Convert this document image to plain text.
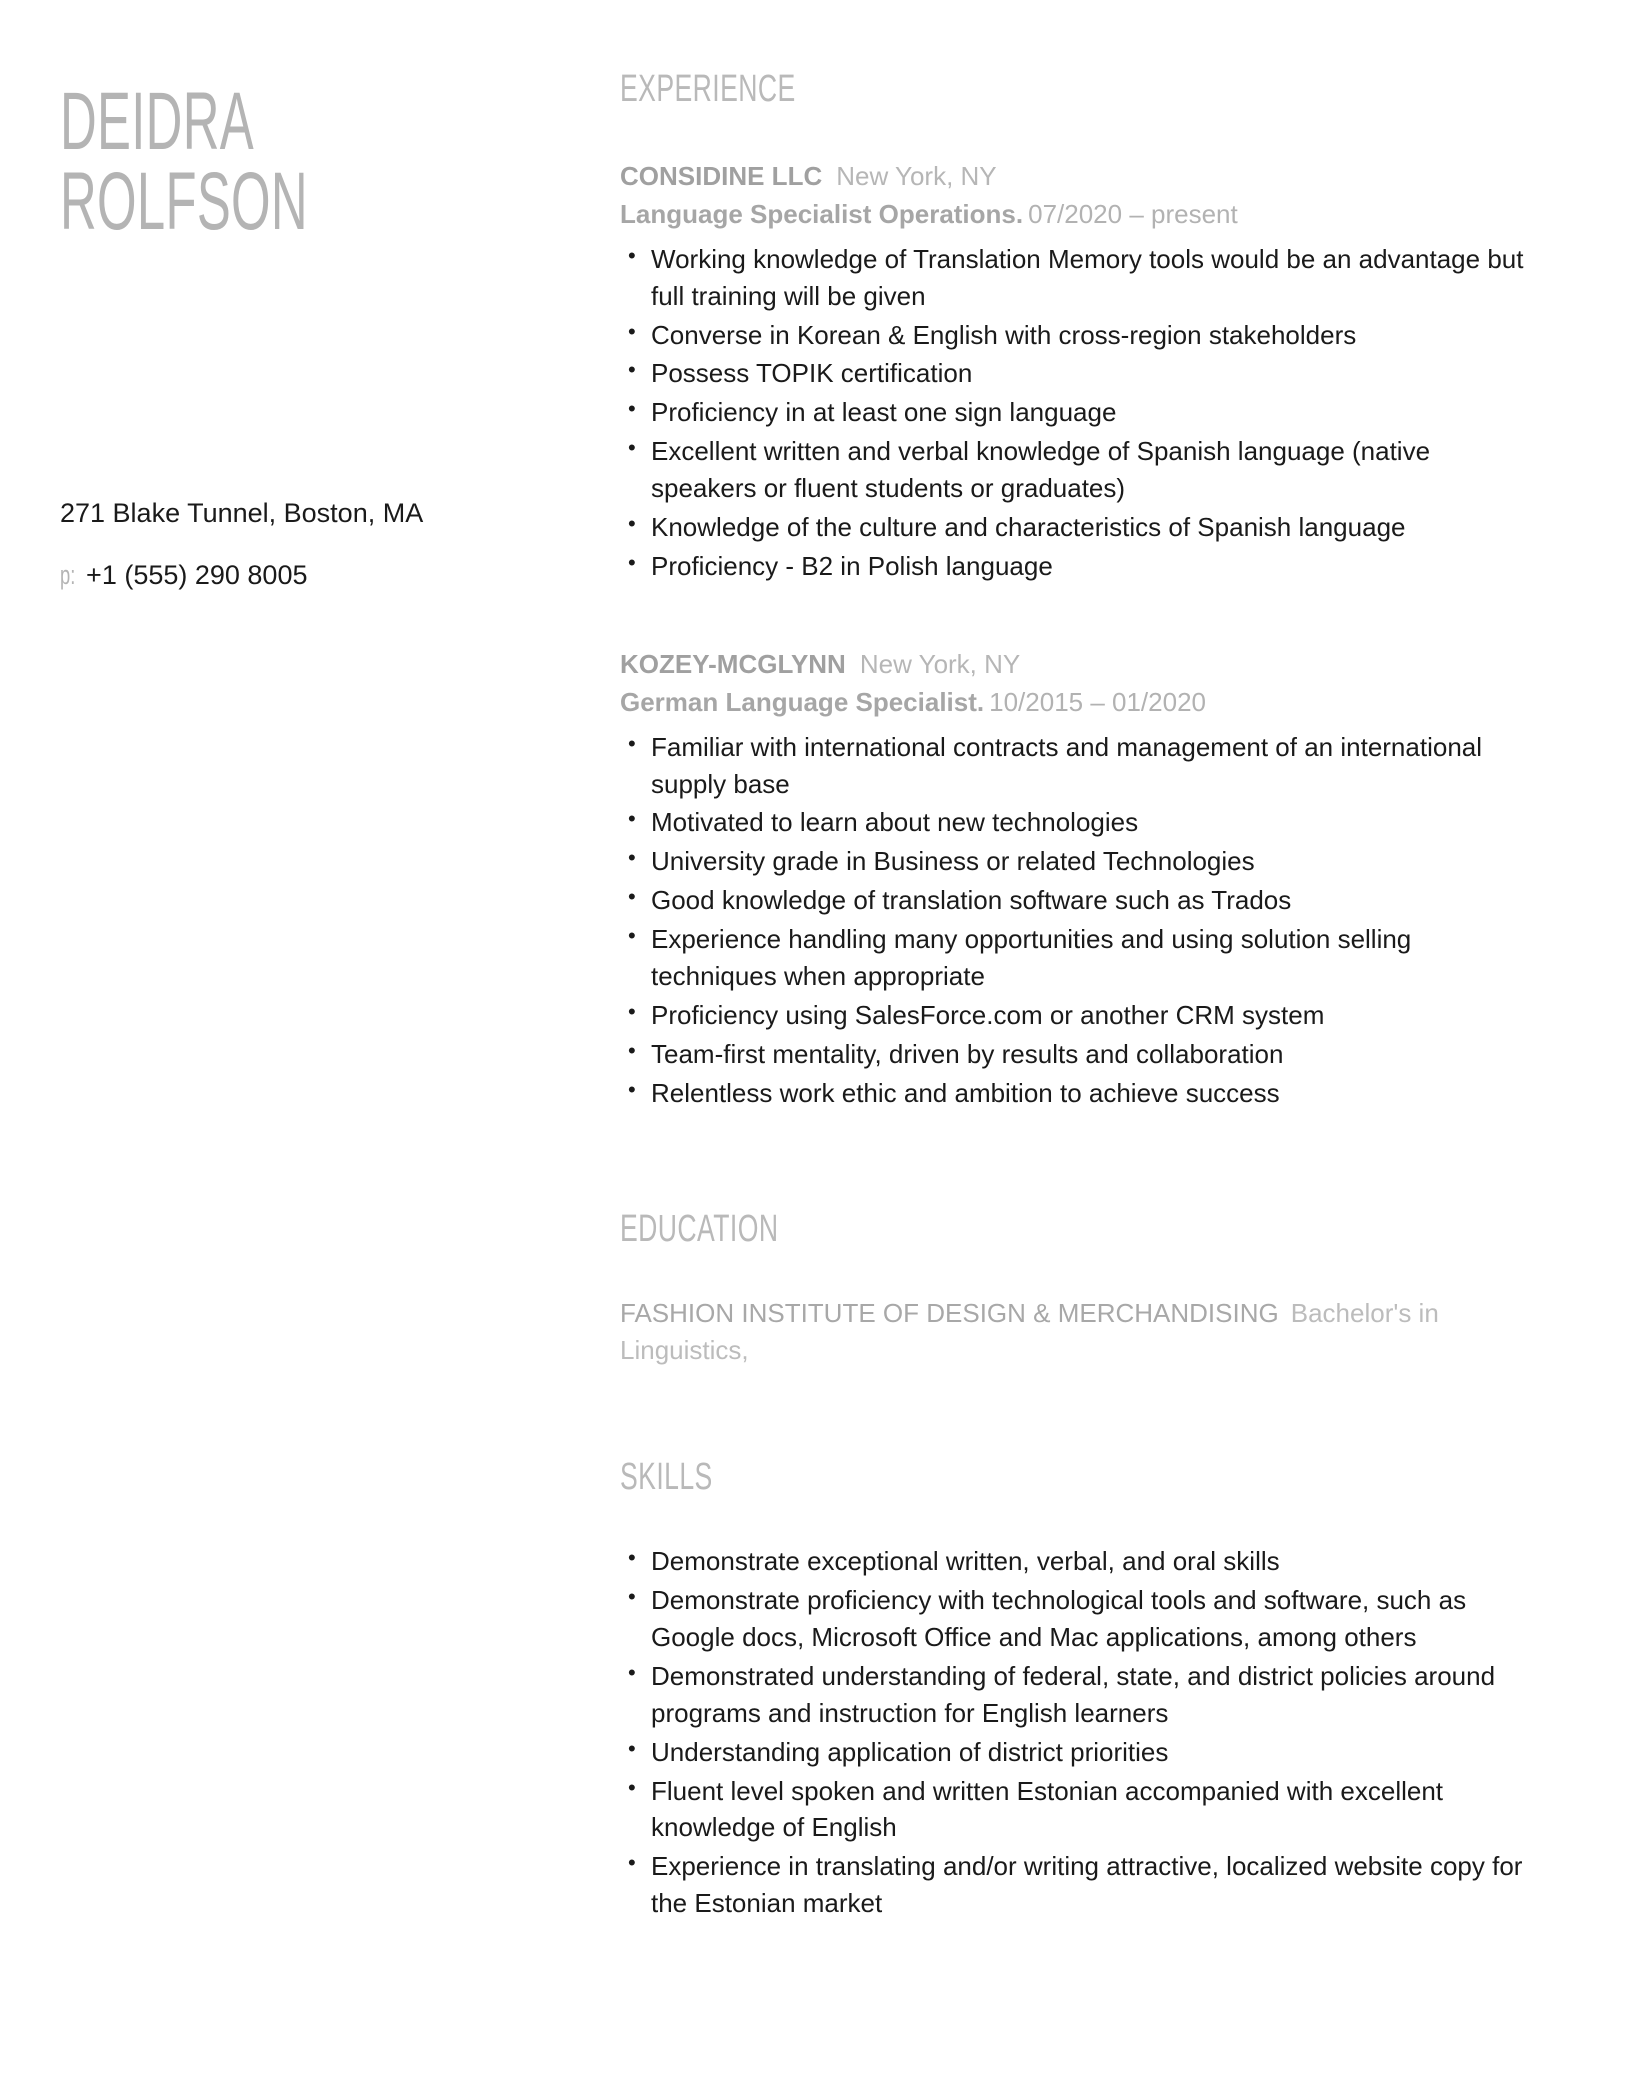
DEIDRA
ROLFSON
271 Blake Tunnel, Boston, MA
p: +1 (555) 290 8005
EXPERIENCE
CONSIDINE LLC New York, NY
Language Specialist Operations. 07/2020 – present
• Working knowledge of Translation Memory tools would be an advantage but full training will be given
• Converse in Korean & English with cross-region stakeholders
• Possess TOPIK certification
• Proficiency in at least one sign language
• Excellent written and verbal knowledge of Spanish language (native speakers or fluent students or graduates)
• Knowledge of the culture and characteristics of Spanish language
• Proficiency - B2 in Polish language
KOZEY-MCGLYNN New York, NY
German Language Specialist. 10/2015 – 01/2020
• Familiar with international contracts and management of an international supply base
• Motivated to learn about new technologies
• University grade in Business or related Technologies
• Good knowledge of translation software such as Trados
• Experience handling many opportunities and using solution selling techniques when appropriate
• Proficiency using SalesForce.com or another CRM system
• Team-first mentality, driven by results and collaboration
• Relentless work ethic and ambition to achieve success
EDUCATION
FASHION INSTITUTE OF DESIGN & MERCHANDISING Bachelor's in Linguistics,
SKILLS
• Demonstrate exceptional written, verbal, and oral skills
• Demonstrate proficiency with technological tools and software, such as Google docs, Microsoft Office and Mac applications, among others
• Demonstrated understanding of federal, state, and district policies around programs and instruction for English learners
• Understanding application of district priorities
• Fluent level spoken and written Estonian accompanied with excellent knowledge of English
• Experience in translating and/or writing attractive, localized website copy for the Estonian market
